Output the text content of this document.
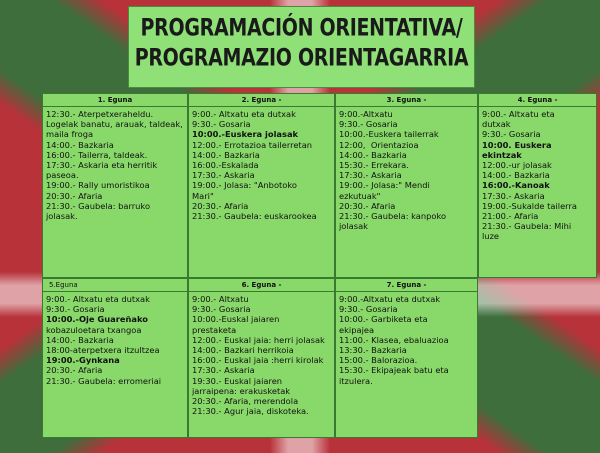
PROGRAMACIÓN ORIENTATIVA/
PROGRAMAZIO ORIENTAGARRIA
1. Eguna
12:30.- Aterpetxeraheldu.
Logelak banatu, arauak, taldeak,
maila froga
14:00.- Bazkaria
16:00.- Tailerra, taldeak.
17:30.- Askaria eta herritik
paseoa.
19:00.- Rally umoristikoa
20:30.- Afaria
21:30.- Gaubela: barruko
jolasak.
2. Eguna -
9:00.- Altxatu eta dutxak
9:30.- Gosaria
10:00.-Euskera jolasak
12:00.- Errotazioa tailerretan
14:00.- Bazkaria
16:00.-Eskalada
17:30.- Askaria
19:00.- Jolasa: "Anbotoko
Mari"
20:30.- Afaria
21:30.- Gaubela: euskarookea
3. Eguna -
9:00.-Altxatu
9:30.- Gosaria
10:00.-Euskera tailerrak
12:00,  Orientazioa
14:00.- Bazkaria
15:30.- Errekara.
17:30.- Askaria
19:00.- Jolasa:" Mendi
ezkutuak"
20:30.- Afaria
21:30.- Gaubela: kanpoko
jolasak
4. Eguna -
9:00.- Altxatu eta
dutxak
9:30.- Gosaria
10:00. Euskera ekintzak
12:00.-ur jolasak
14:00.- Bazkaria
16:00.-Kanoak
17:30.- Askaria
19:00.-Sukalde tailerra
21:00.- Afaria
21:30.- Gaubela: Mihi
luze
5.Eguna
9:00.- Altxatu eta dutxak
9:30.- Gosaria
10:00.-Oje Guareñako
kobazuloetara txangoa
14:00.- Bazkaria
18:00-aterpetxera itzultzea
19:00.-Gynkana
20:30.- Afaria
21:30.- Gaubela: erromeriai
6. Eguna -
9:00.- Altxatu
9:30.- Gosaria
10:00.-Euskal jaiaren
prestaketa
12:00.- Euskal jaia: herri jolasak
14:00.- Bazkari herrikoia
16:00.- Euskal jaia :herri kirolak
17:30.- Askaria
19:30.- Euskal jaiaren
jarraipena: erakusketak
20:30.- Afaria, merendola
21:30.- Agur jaia, diskoteka.
7. Eguna -
9:00.-Altxatu eta dutxak
9:30.- Gosaria
10:00.- Garbiketa eta
ekipajea
11:00.- Klasea, ebaluazioa
13:30.- Bazkaria
15:00.- Balorazioa.
15:30.- Ekipajeak batu eta
itzulera.
